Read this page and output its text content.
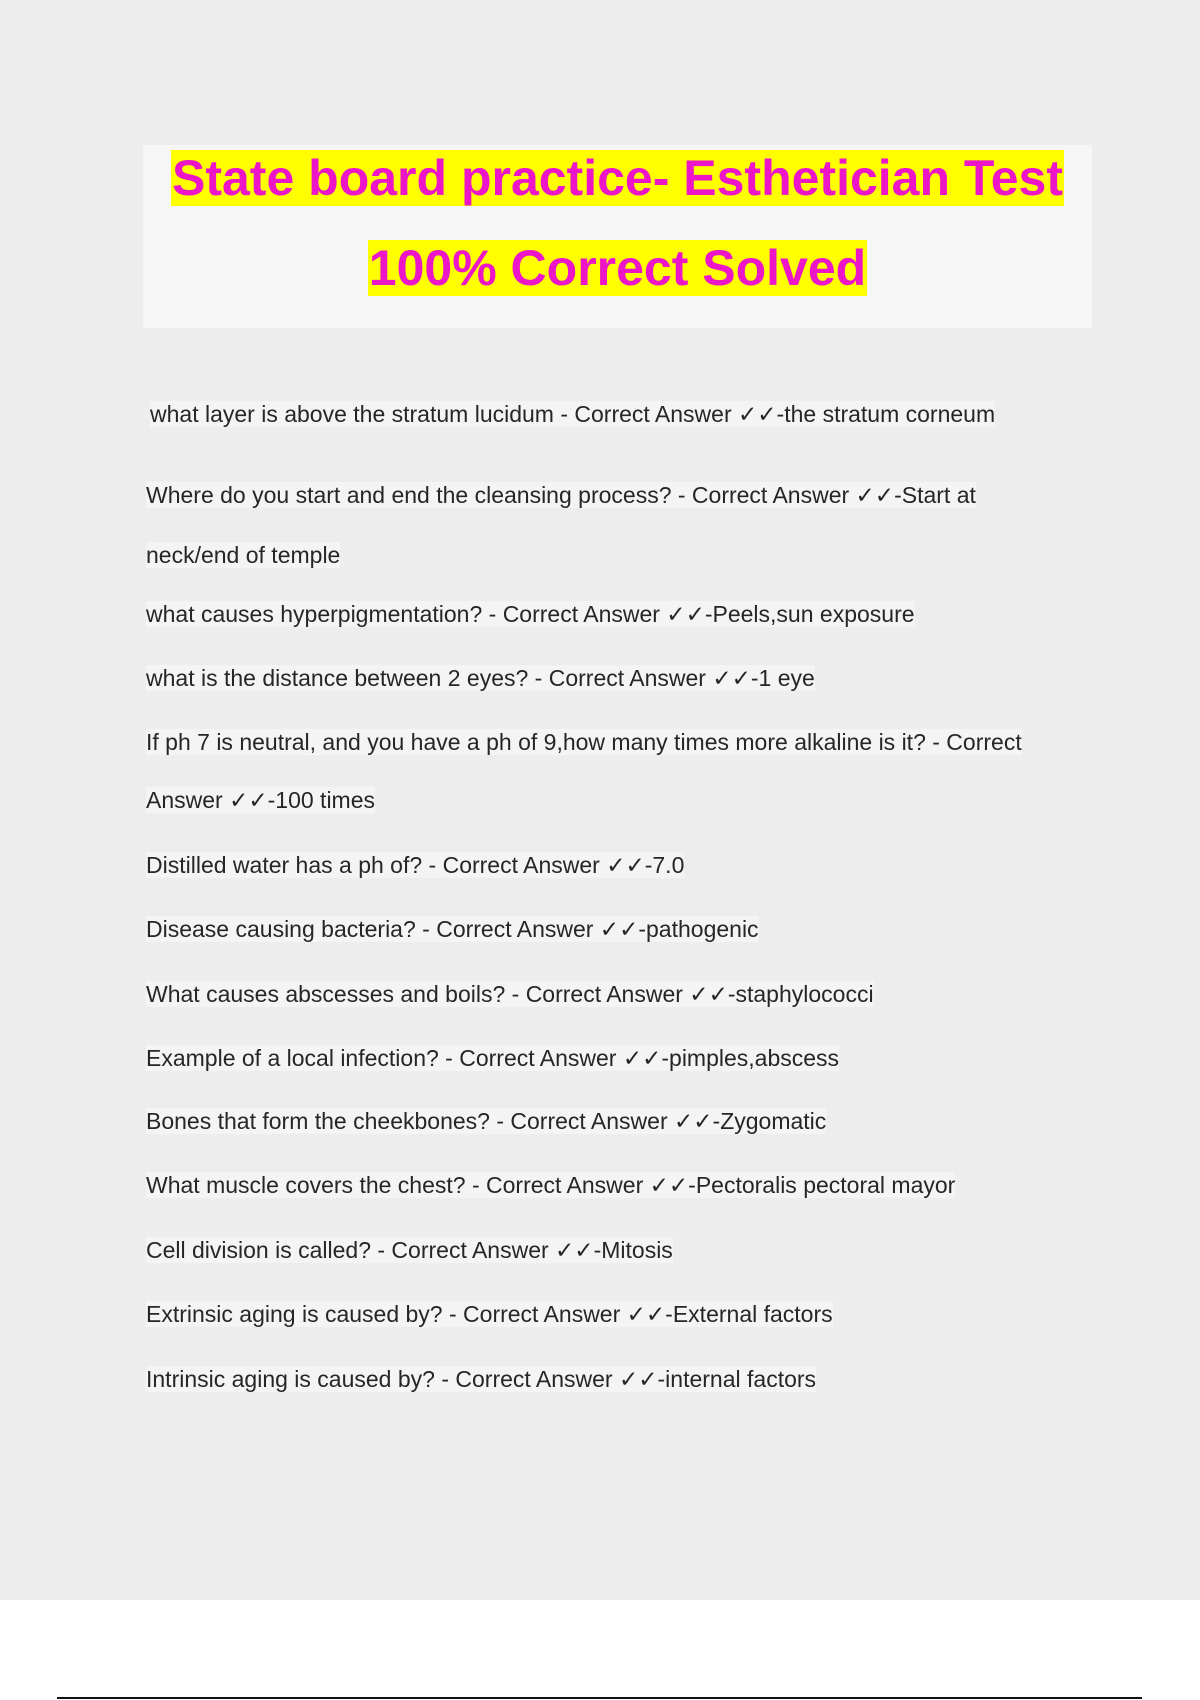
State board practice- Esthetician Test
100% Correct Solved
what layer is above the stratum lucidum - Correct Answer ✓✓-the stratum corneum
Where do you start and end the cleansing process? - Correct Answer ✓✓-Start at
neck/end of temple
what causes hyperpigmentation? - Correct Answer ✓✓-Peels,sun exposure
what is the distance between 2 eyes? - Correct Answer ✓✓-1 eye
If ph 7 is neutral, and you have a ph of 9,how many times more alkaline is it? - Correct
Answer ✓✓-100 times
Distilled water has a ph of? - Correct Answer ✓✓-7.0
Disease causing bacteria? - Correct Answer ✓✓-pathogenic
What causes abscesses and boils? - Correct Answer ✓✓-staphylococci
Example of a local infection? - Correct Answer ✓✓-pimples,abscess
Bones that form the cheekbones? - Correct Answer ✓✓-Zygomatic
What muscle covers the chest? - Correct Answer ✓✓-Pectoralis pectoral mayor
Cell division is called? - Correct Answer ✓✓-Mitosis
Extrinsic aging is caused by? - Correct Answer ✓✓-External factors
Intrinsic aging is caused by? - Correct Answer ✓✓-internal factors
